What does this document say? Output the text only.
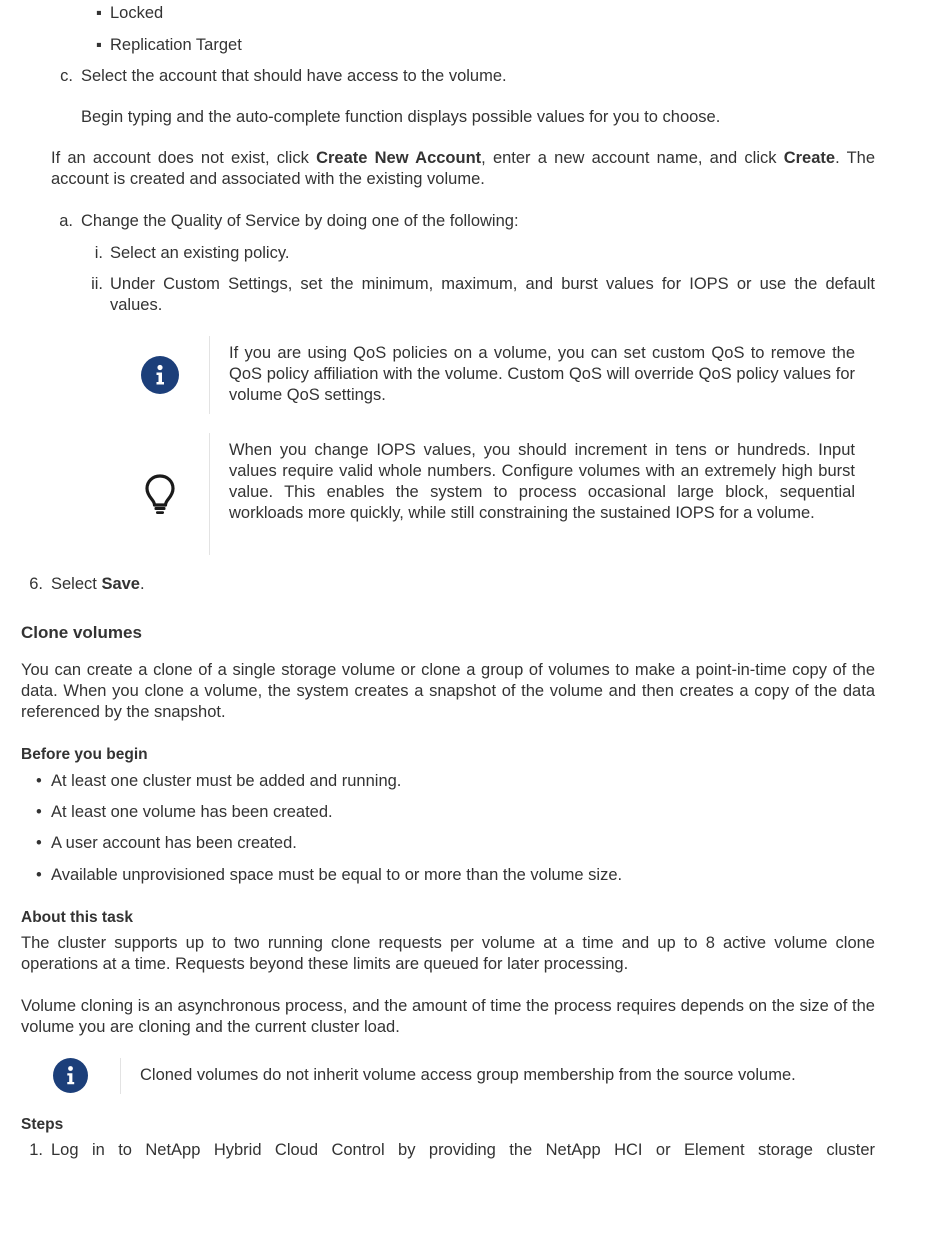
▪ Locked
▪ Replication Target
c. Select the account that should have access to the volume.
Begin typing and the auto-complete function displays possible values for you to choose.
If an account does not exist, click Create New Account, enter a new account name, and click Create. The account is created and associated with the existing volume.
a. Change the Quality of Service by doing one of the following:
i. Select an existing policy.
ii. Under Custom Settings, set the minimum, maximum, and burst values for IOPS or use the default values.
If you are using QoS policies on a volume, you can set custom QoS to remove the QoS policy affiliation with the volume. Custom QoS will override QoS policy values for volume QoS settings.
When you change IOPS values, you should increment in tens or hundreds. Input values require valid whole numbers. Configure volumes with an extremely high burst value. This enables the system to process occasional large block, sequential workloads more quickly, while still constraining the sustained IOPS for a volume.
6. Select Save.
Clone volumes
You can create a clone of a single storage volume or clone a group of volumes to make a point-in-time copy of the data. When you clone a volume, the system creates a snapshot of the volume and then creates a copy of the data referenced by the snapshot.
Before you begin
• At least one cluster must be added and running.
• At least one volume has been created.
• A user account has been created.
• Available unprovisioned space must be equal to or more than the volume size.
About this task
The cluster supports up to two running clone requests per volume at a time and up to 8 active volume clone operations at a time. Requests beyond these limits are queued for later processing.
Volume cloning is an asynchronous process, and the amount of time the process requires depends on the size of the volume you are cloning and the current cluster load.
Cloned volumes do not inherit volume access group membership from the source volume.
Steps
1. Log in to NetApp Hybrid Cloud Control by providing the NetApp HCI or Element storage cluster
